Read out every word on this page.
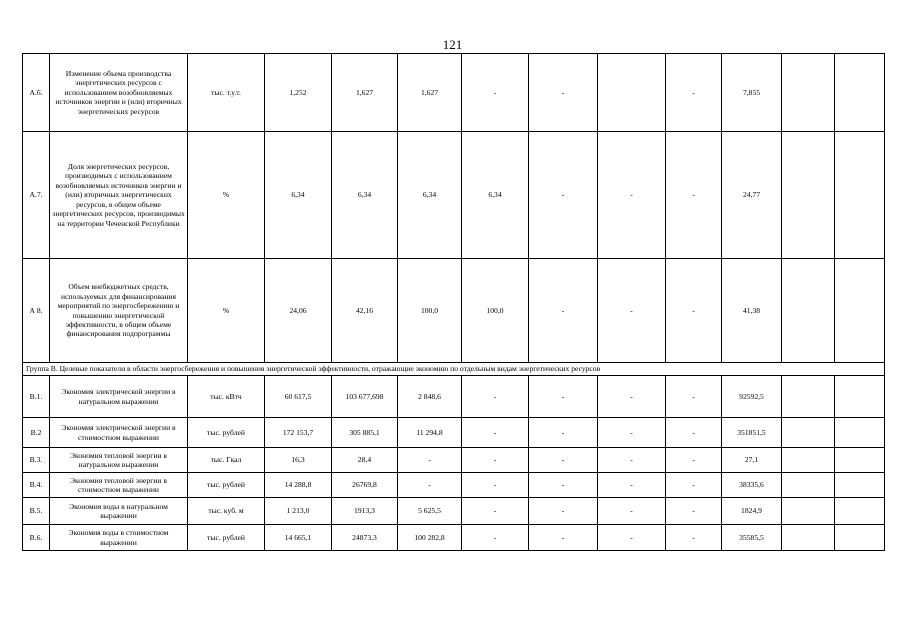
121
А.6.	Изменение объема производства энергетических ресурсов с использованием возобновляемых источников энергии и (или) вторичных энергетических ресурсов	тыс. т.у.т.	1,252	1,627	1,627	-	-		-	7,855		
А.7.	Доля энергетических ресурсов, производимых с использованием возобновляемых источников энергии и (или) вторичных энергетических ресурсов, в общем объеме энергетических ресурсов, производимых на территории Чеченской Республики	%	6,34	6,34	6,34	6,34	-	-	-	24,77		
А 8.	Объем внебюджетных средств, используемых для финансирования мероприятий по энергосбережению и повышению энергетической эффективности, в общем объеме финансирования подпрограммы	%	24,06	42,16	100,0	100,0	-	-	-	41,38		
Группа В. Целевые показатели в области энергосбережения и повышения энергетической эффективности, отражающие экономию по отдельным видам энергетических ресурсов												
В.1.	Экономия электрической энергии в натуральном выражении	тыс. кВтч	60 617,5	103 677,698	2 848,6	-	-	-	-	92592,5		
В.2	Экономия электрической энергии в стоимостном выражении	тыс. рублей	172 153,7	305 885,1	11 294,8	-	-	-	-	351851,5		
В.3.	Экономия тепловой энергии в натуральном выражении	тыс. Гкал	16,3	28,4	-	-	-	-	-	27,1		
В.4.	Экономия тепловой энергии в стоимостном выражении	тыс. рублей	14 288,8	26769,8	-	-	-	-	-	38335,6		
В.5.	Экономия воды в натуральном выражении	тыс. куб. м	1 213,0	1913,3	5 625,5	-	-	-	-	1824,9		
В.6.	Экономия воды в стоимостном выражении	тыс. рублей	14 665,1	24873,3	100 282,8	-	-	-	-	35585,5		
